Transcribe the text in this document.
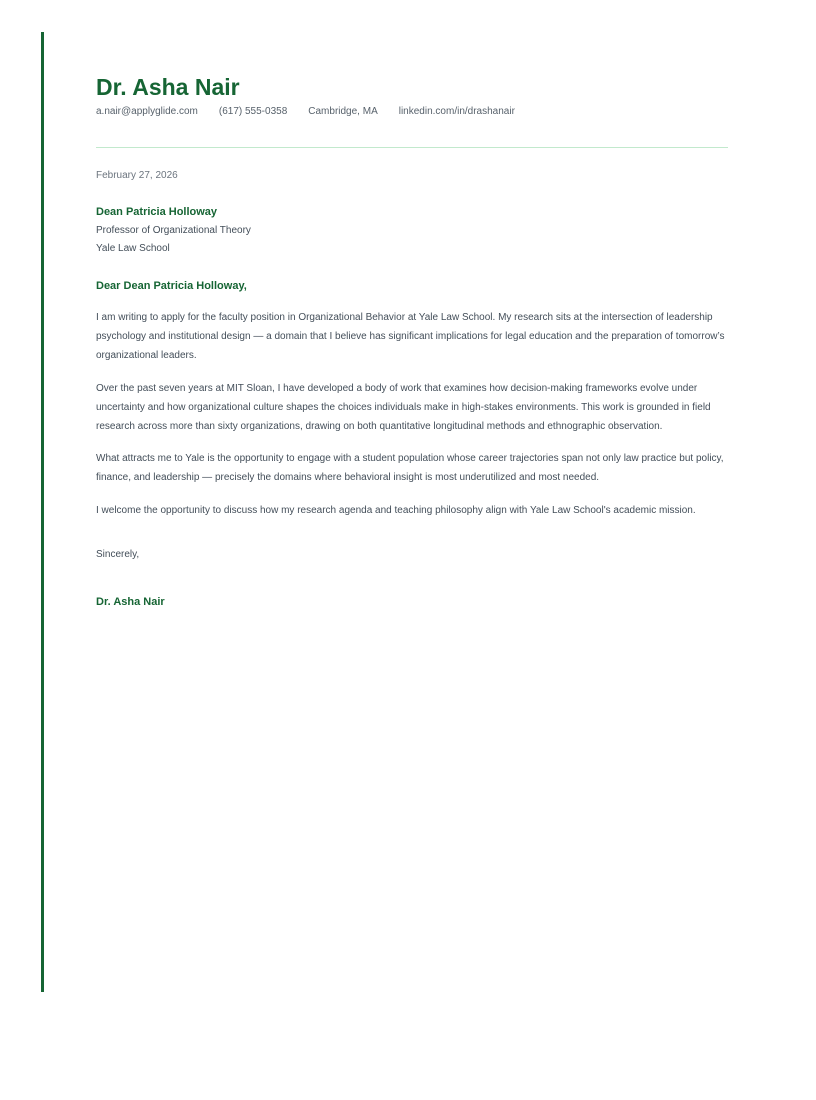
Dr. Asha Nair
a.nair@applyglide.com (617) 555-0358 Cambridge, MA linkedin.com/in/drashanair

February 27, 2026

Dean Patricia Holloway

Professor of Organizational Theory

Yale Law School

Dear Dean Patricia Holloway,

I am writing to apply for the faculty position in Organizational Behavior at Yale Law School. My research sits at the intersection of leadership psychology and institutional design — a domain that I believe has significant implications for legal education and the preparation of tomorrow’s organizational leaders.

Over the past seven years at MIT Sloan, I have developed a body of work that examines how decision-making frameworks evolve under uncertainty and how organizational culture shapes the choices individuals make in high-stakes environments. This work is grounded in field research across more than sixty organizations, drawing on both quantitative longitudinal methods and ethnographic observation.

What attracts me to Yale is the opportunity to engage with a student population whose career trajectories span not only law practice but policy, finance, and leadership — precisely the domains where behavioral insight is most underutilized and most needed.

I welcome the opportunity to discuss how my research agenda and teaching philosophy align with Yale Law School's academic mission.

Sincerely,

Dr. Asha Nair
